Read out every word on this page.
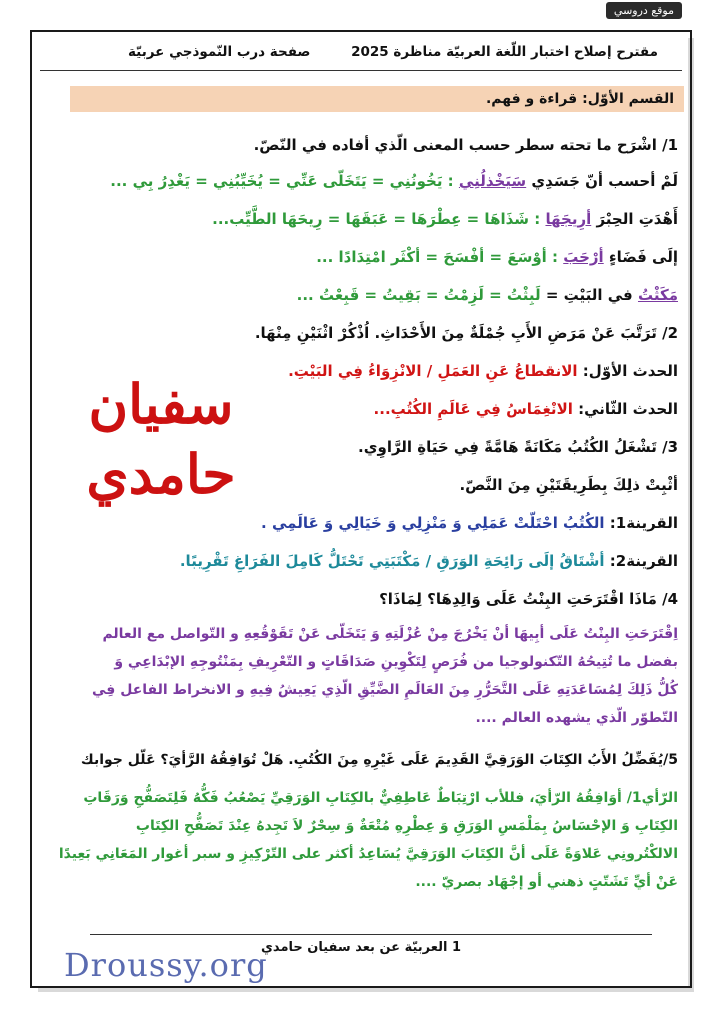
موقع دروسي
مقترح إصلاح اختبار اللّغة العربيّة مناظرة 2025
صفحة درب النّموذجي عربيّة
القسم الأوّل: قراءة و فهم.
1/ اشْرَح ما تحته سطر حسب المعنى الّذي أفاده في النّصّ.
لَمْ أحسب أنّ جَسَدِي سَيَخْذلُنِي : يَخُونُنِي = يَتَخَلّى عَنِّي = يُخَيِّبُنِي = يَغْدِرُ بِي ...
أَهْدَتِ الحِبْرَ أرِيجَهَا : شَذَاهَا = عِطْرَهَا = عَبَقَهَا = رِيحَهَا الطَّيِّب...
إلَى فَضَاءٍ أرْحَبَ : أوْسَعَ = أفْسَحَ = أكْثَر امْتِدَادًا ...
مَكَثْتُ في البَيْتِ = لَبِثْتُ = لَزِمْتُ = بَقِيتُ = قَبِعْتُ ...
2/ تَرَتَّبَ عَنْ مَرَضِ الأَبِ جُمْلَةٌ مِنَ الأَحْدَاثِ. اُذْكُرْ اثْنَيْنِ مِنْهَا.
الحدث الأوّل: الانقطاعُ عَنِ العَمَلِ / الانْزِوَاءُ فِي البَيْتِ.
الحدث الثّاني: الانْغِمَاسُ فِي عَالَمِ الكُتُبِ...
3/ تَشْغَلُ الكُتُبُ مَكَانَةً هَامَّةً فِي حَيَاةِ الرَّاوِي.
أثْبِتْ ذلِكَ بِطَرِيقَتَيْنِ مِنَ النَّصّ.
القرينة1: الكُتُبُ احْتَلّتْ عَمَلِي وَ مَنْزِلِي وَ خَيَالِي وَ عَالَمِي .
القرينة2: أشْتَاقُ إلَى رَائِحَةِ الوَرَقِ / مَكْتَبَتِي تَحْتَلُّ كَامِلَ الفَرَاغِ تَقْرِيبًا.
4/ مَاذَا اقْتَرَحَتِ البِنْتُ عَلَى وَالِدِهَا؟ لِمَاذَا؟
اِقْتَرَحَتِ البِنْتُ عَلَى أبِيهَا أنْ يَخْرُجَ مِنْ عُزْلَتِهِ وَ يَتَخَلّى عَنْ تَقَوْقُعِهِ و التّواصل مع العالم
بفضل ما تُتِيحُهُ التّكنولوجيا من فُرَصٍ لِتَكْوِينِ صَدَاقَاتٍ و التّعْرِيفِ بِمَنْتُوجِهِ الإبْدَاعِي وَ
كُلُّ ذَلِكَ لِمُسَاعَدَتِهِ عَلَى التَّحَرُّرِ مِنَ العَالَمِ الضَّيِّقِ الّذِي يَعِيشُ فِيهِ و الانخراط الفاعل فِي
التّطوّر الّذي يشهده العالم ....
5/يُفَضِّلُ الأَبُ الكِتَابَ الوَرَقِيَّ القَدِيمَ عَلَى غَيْرِهِ مِنَ الكُتُبِ. هَلْ تُوَافِقُهُ الرَّأيَ؟ عَلّل جوابك
الرّأي1/ أوَافِقُهُ الرّأيَ، فللأب ارْتِبَاطٌ عَاطِفِيٌّ بالكِتَابِ الوَرَقِيِّ يَصْعُبُ فَكُّهُ فَلِتَصَفُّحِ وَرَقَاتِ
الكِتَابِ وَ الإحْسَاسُ بِمَلْمَسِ الوَرَقِ وَ عِطْرِهِ مُتْعَةٌ وَ سِحْرٌ لاَ تَجِدهُ عِنْدَ تَصَفُّحِ الكِتَابِ
الالكْتُرونِي عَلاوَةً عَلَى أنَّ الكِتَابَ الوَرَقِيَّ يُسَاعِدُ أكثر على التّرْكِيزِ و سبر أغوار المَعَانِي بَعِيدًا
عَنْ أيِّ تَشَتّتٍ ذهني أو إجْهَاد بصريّ ....
سفيان
حامدي
1 العربيّة عن بعد سفيان حامدي
Droussy.org
